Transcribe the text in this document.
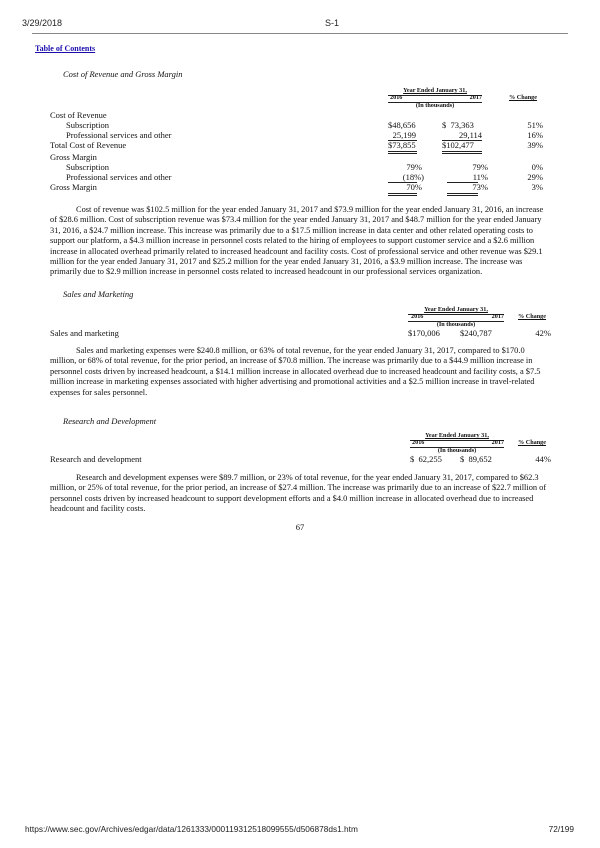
3/29/2018	S-1
Table of Contents
Cost of Revenue and Gross Margin
Year Ended January 31,
2016	2017
(In thousands)
% Change
Cost of Revenue
Subscription	$48,656	$  73,363	51%
Professional services and other	25,199	29,114	16%
Total Cost of Revenue	$73,855	$102,477	39%
Gross Margin
Subscription	79%	79%	0%
Professional services and other	(18%)	11%	29%
Gross Margin	70%	73%	3%

Cost of revenue was $102.5 million for the year ended January 31, 2017 and $73.9 million for the year ended January 31, 2016, an increase of $28.6 million. Cost of subscription revenue was $73.4 million for the year ended January 31, 2017 and $48.7 million for the year ended January 31, 2016, a $24.7 million increase. This increase was primarily due to a $17.5 million increase in data center and other related operating costs to support our platform, a $4.3 million increase in personnel costs related to the hiring of employees to support customer service and a $2.6 million increase in allocated overhead primarily related to increased headcount and facility costs. Cost of professional service and other revenue was $29.1 million for the year ended January 31, 2017 and $25.2 million for the year ended January 31, 2016, a $3.9 million increase. The increase was primarily due to $2.9 million increase in personnel costs related to increased headcount in our professional services organization.

Sales and Marketing
Year Ended January 31,
2016	2017
(In thousands)
% Change
Sales and marketing	$170,006 $240,787	42%

Sales and marketing expenses were $240.8 million, or 63% of total revenue, for the year ended January 31, 2017, compared to $170.0 million, or 68% of total revenue, for the prior period, an increase of $70.8 million. The increase was primarily due to a $44.9 million increase in personnel costs driven by increased headcount, a $14.1 million increase in allocated overhead due to increased headcount and facility costs, a $7.5 million increase in marketing expenses associated with higher advertising and promotional activities and a $2.5 million increase in travel-related expenses for sales personnel.

Research and Development
Year Ended January 31,
2016	2017
(In thousands)
% Change
Research and development	$  62,255 $  89,652	44%

Research and development expenses were $89.7 million, or 23% of total revenue, for the year ended January 31, 2017, compared to $62.3 million, or 25% of total revenue, for the prior period, an increase of $27.4 million. The increase was primarily due to an increase of $22.7 million of personnel costs driven by increased headcount to support development efforts and a $4.0 million increase in allocated overhead due to increased headcount and facility costs.

67
https://www.sec.gov/Archives/edgar/data/1261333/000119312518099555/d506878ds1.htm	72/199
